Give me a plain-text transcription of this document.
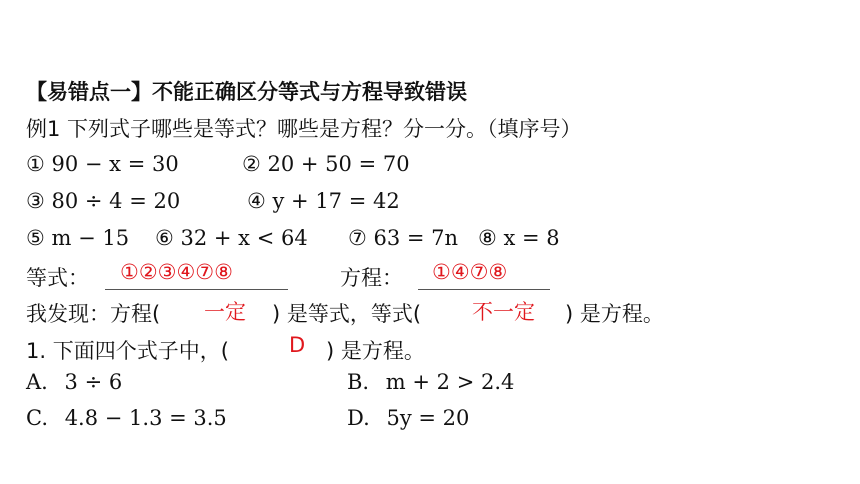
【易错点一】不能正确区分等式与方程导致错误
例1 下列式子哪些是等式？哪些是方程？分一分。（填序号）
① 90 − x = 30	② 20 + 50 = 70
③ 80 ÷ 4 = 20	④ y + 17 = 42
⑤ m − 15 ⑥ 32 + x < 64 ⑦ 63 = 7n ⑧ x = 8
等式： ①②③④⑦⑧	方程： ①④⑦⑧
我发现：方程( 一定 ) 是等式，等式( 不一定 ) 是方程。
1. 下面四个式子中，(	D ) 是方程。
A. 3 ÷ 6	B. m + 2 > 2.4
C. 4.8 − 1.3 = 3.5	D. 5y = 20
